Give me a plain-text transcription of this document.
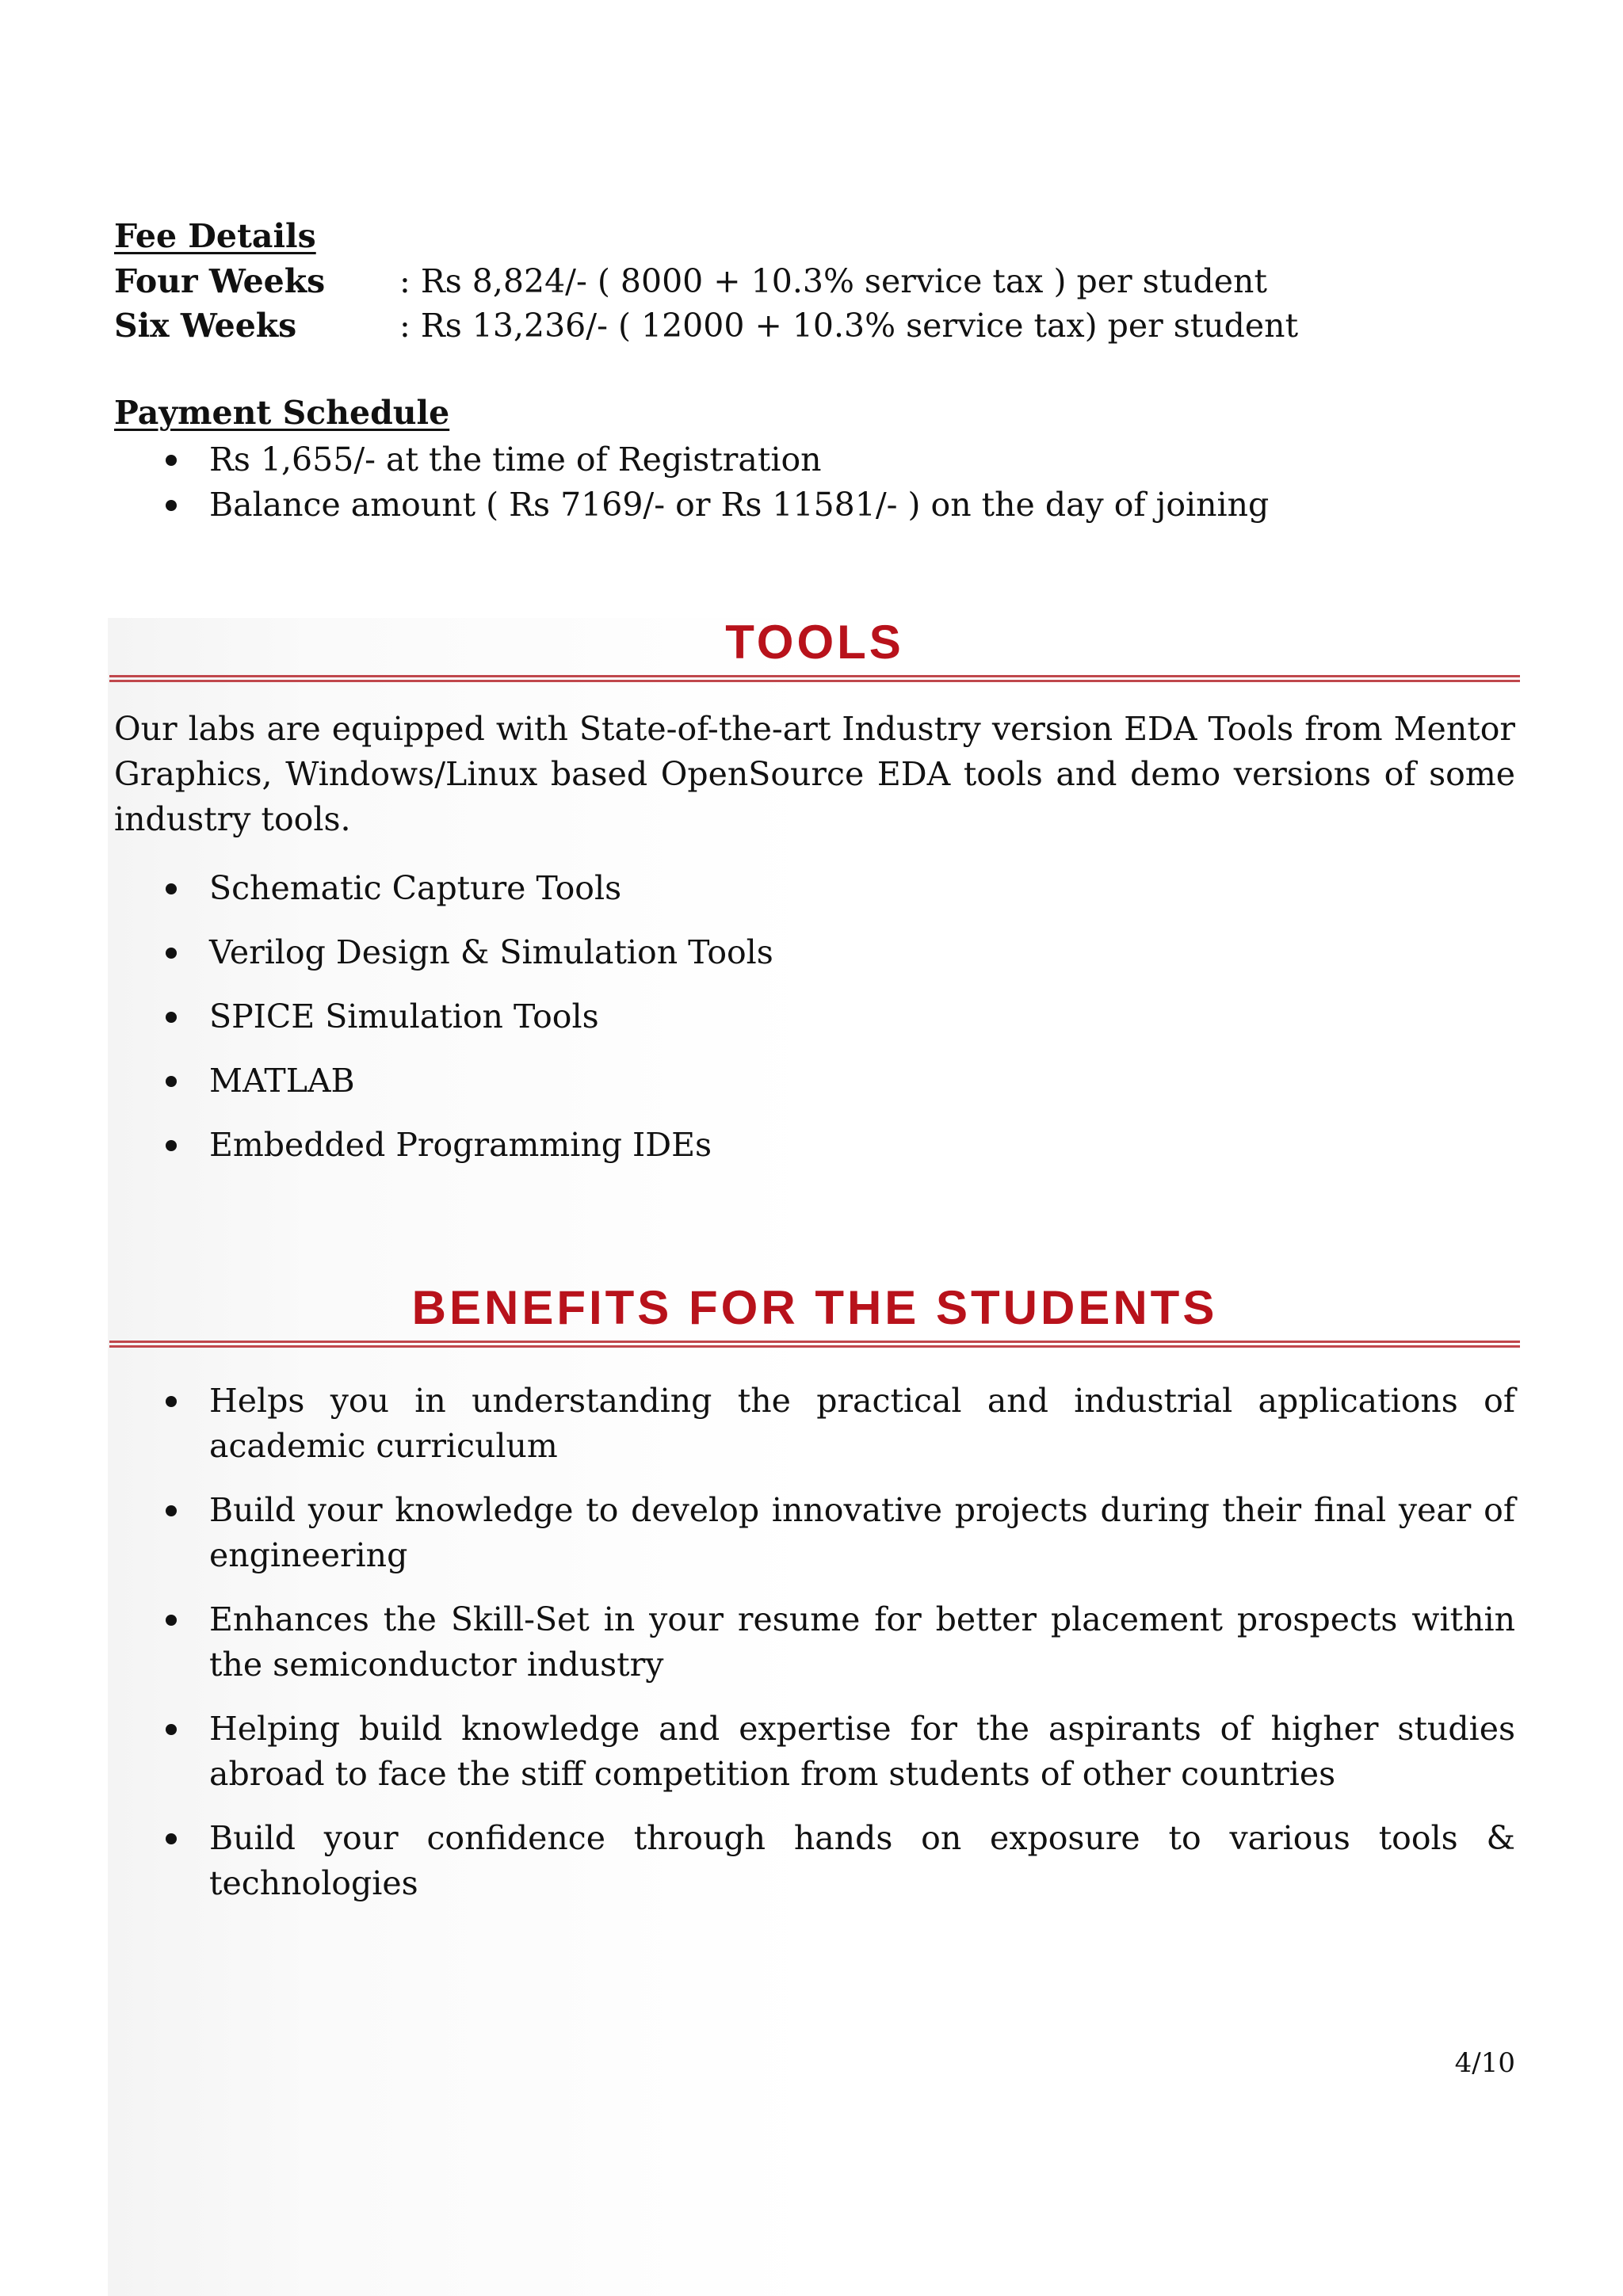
Fee Details
Four Weeks	: Rs 8,824/- ( 8000 + 10.3% service tax ) per student
Six Weeks	: Rs 13,236/- ( 12000 + 10.3% service tax) per student
Payment Schedule
Rs 1,655/- at the time of Registration
Balance amount ( Rs 7169/- or Rs 11581/- ) on the day of joining
TOOLS
Our labs are equipped with State-of-the-art Industry version EDA Tools from Mentor Graphics, Windows/Linux based OpenSource EDA tools and demo versions of some industry tools.
Schematic Capture Tools
Verilog Design & Simulation Tools
SPICE Simulation Tools
MATLAB
Embedded Programming IDEs
BENEFITS FOR THE STUDENTS
Helps you in understanding the practical and industrial applications of academic curriculum
Build your knowledge to develop innovative projects during their final year of engineering
Enhances the Skill-Set in your resume for better placement prospects within the semiconductor industry
Helping build knowledge and expertise for the aspirants of higher studies abroad to face the stiff competition from students of other countries
Build your confidence through hands on exposure to various tools & technologies
4/10
